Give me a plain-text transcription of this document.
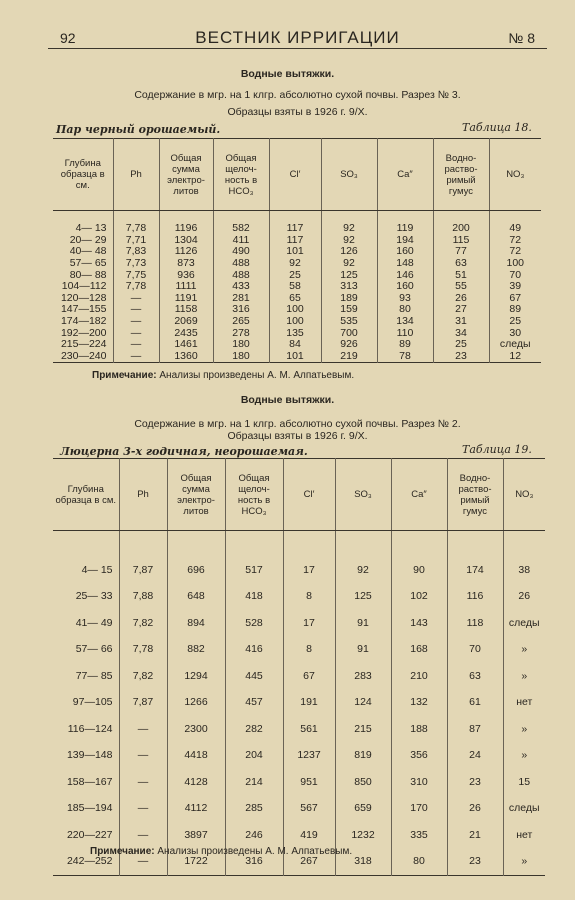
92	ВЕСТНИК ИРРИГАЦИИ	№ 8
Водные вытяжки.
Содержание в мгр. на 1 клгр. абсолютно сухой почвы. Разрез № 3.
Образцы взяты в 1926 г. 9/X.
Пар черный орошаемый.	Таблица 18.
Глубина образца в см.	Ph	Общая сумма электро-литов	Общая щелоч-ность в HCO₃	Cl′	SO₃	Ca″	Водно-раство-римый гумус	NO₃

4— 13	7,78	1196	582	117	92	119	200	49
20— 29	7,71	1304	411	117	92	194	115	72
40— 48	7,83	1126	490	101	126	160	77	72
57— 65	7,73	873	488	92	92	148	63	100
80— 88	7,75	936	488	25	125	146	51	70
104—112	7,78	1111	433	58	313	160	55	39
120—128	—	1191	281	65	189	93	26	67
147—155	—	1158	316	100	159	80	27	89
174—182	—	2069	265	100	535	134	31	25
192—200	—	2435	278	135	700	110	34	30
215—224	—	1461	180	84	926	89	25	следы
230—240	—	1360	180	101	219	78	23	12
Примечание: Анализы произведены А. М. Алпатьевым.
Водные вытяжки.
Содержание в мгр. на 1 клгр. абсолютно сухой почвы. Разрез № 2.
Образцы взяты в 1926 г. 9/X.
Люцерна 3-х годичная, неорошаемая.	Таблица 19.
Глубина образца в см.	Ph	Общая сумма электро-литов	Общая щелоч-ность в HCO₃	Cl′	SO₃	Ca″	Водно-раство-римый гумус	NO₃

4— 15	7,87	696	517	17	92	90	174	38
25— 33	7,88	648	418	8	125	102	116	26
41— 49	7,82	894	528	17	91	143	118	следы
57— 66	7,78	882	416	8	91	168	70	»
77— 85	7,82	1294	445	67	283	210	63	»
97—105	7,87	1266	457	191	124	132	61	нет
116—124	—	2300	282	561	215	188	87	»
139—148	—	4418	204	1237	819	356	24	»
158—167	—	4128	214	951	850	310	23	15
185—194	—	4112	285	567	659	170	26	следы
220—227	—	3897	246	419	1232	335	21	нет
242—252	—	1722	316	267	318	80	23	»
Примечание: Анализы произведены А. М. Алпатьевым.
